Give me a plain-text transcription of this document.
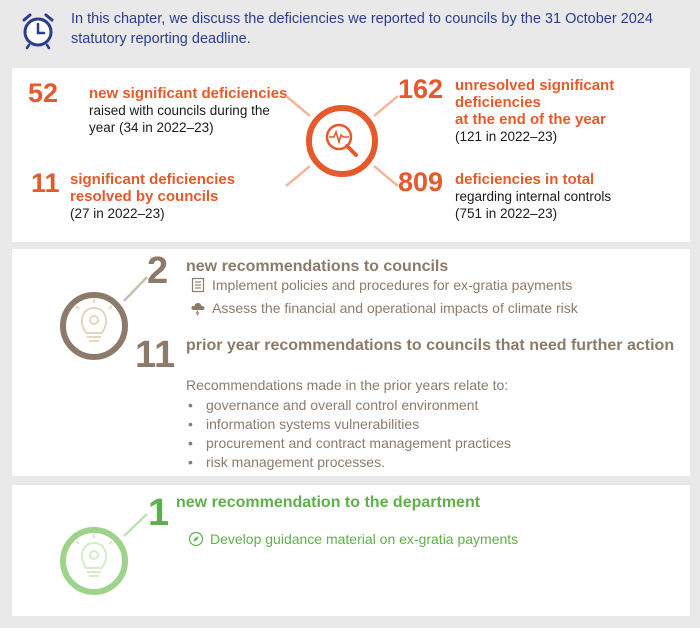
In this chapter, we discuss the deficiencies we reported to councils by the 31 October 2024 statutory reporting deadline.
52 new significant deficiencies
raised with councils during the
year (34 in 2022–23)
162 unresolved significant
deficiencies
at the end of the year
(121 in 2022–23)
11 significant deficiencies
resolved by councils
(27 in 2022–23)
809 deficiencies in total
regarding internal controls
(751 in 2022–23)
2 new recommendations to councils
Implement policies and procedures for ex-gratia payments
Assess the financial and operational impacts of climate risk
11 prior year recommendations to councils that need further action
Recommendations made in the prior years relate to:
• governance and overall control environment
• information systems vulnerabilities
• procurement and contract management practices
• risk management processes.
1 new recommendation to the department
Develop guidance material on ex-gratia payments
